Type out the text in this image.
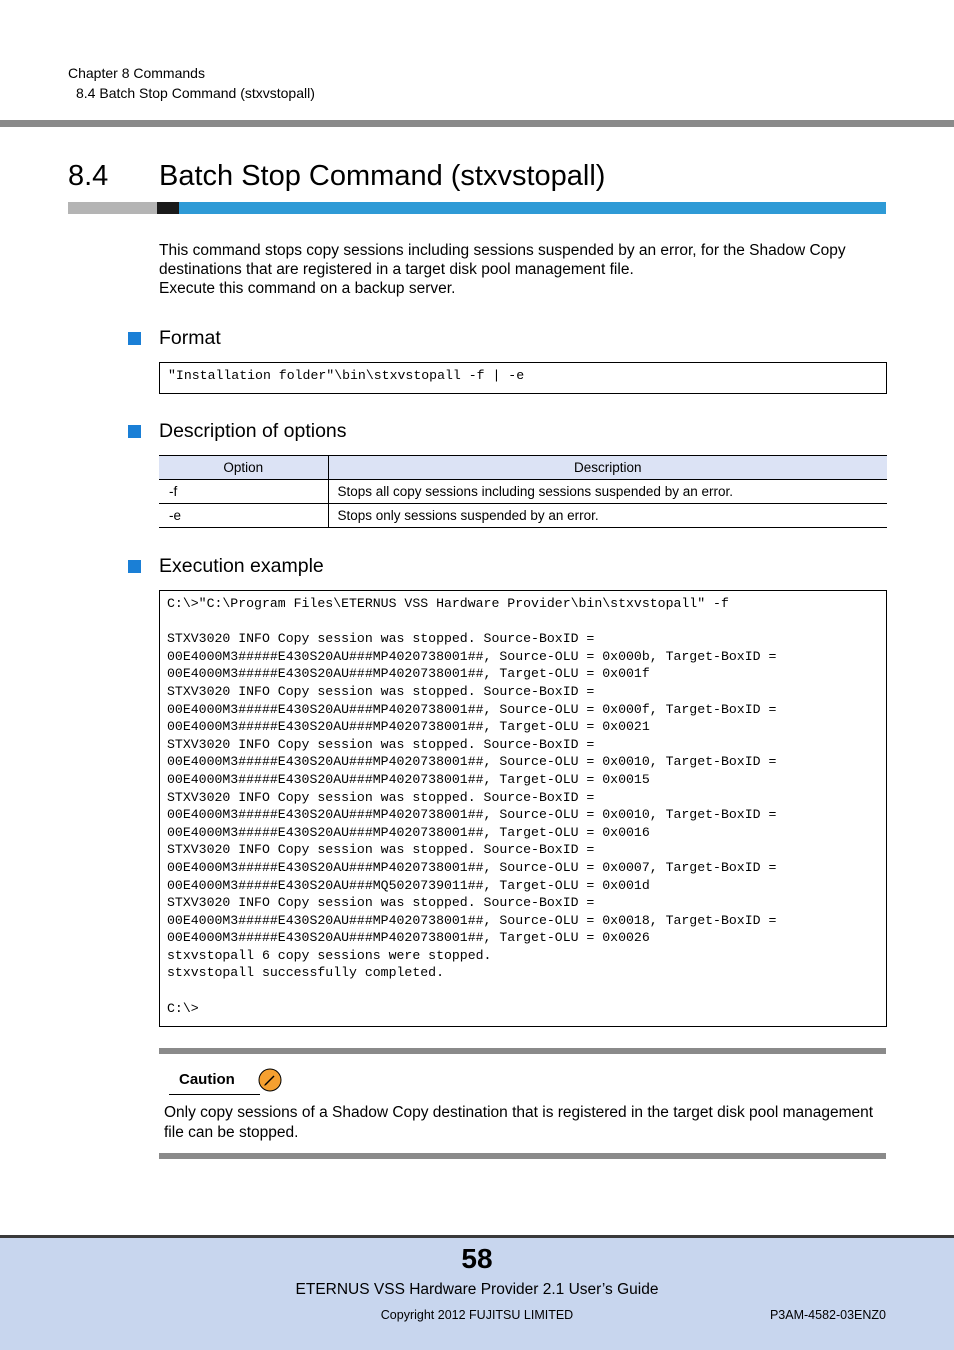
Chapter 8 Commands
8.4 Batch Stop Command (stxvstopall)
8.4 Batch Stop Command (stxvstopall)
This command stops copy sessions including sessions suspended by an error, for the Shadow Copy destinations that are registered in a target disk pool management file.
Execute this command on a backup server.
Format
"Installation folder"\bin\stxvstopall -f | -e
Description of options
Option	Description
-f	Stops all copy sessions including sessions suspended by an error.
-e	Stops only sessions suspended by an error.
Execution example
C:\>"C:\Program Files\ETERNUS VSS Hardware Provider\bin\stxvstopall" -f

STXV3020 INFO Copy session was stopped. Source-BoxID =
00E4000M3#####E430S20AU###MP4020738001##, Source-OLU = 0x000b, Target-BoxID =
00E4000M3#####E430S20AU###MP4020738001##, Target-OLU = 0x001f
STXV3020 INFO Copy session was stopped. Source-BoxID =
00E4000M3#####E430S20AU###MP4020738001##, Source-OLU = 0x000f, Target-BoxID =
00E4000M3#####E430S20AU###MP4020738001##, Target-OLU = 0x0021
STXV3020 INFO Copy session was stopped. Source-BoxID =
00E4000M3#####E430S20AU###MP4020738001##, Source-OLU = 0x0010, Target-BoxID =
00E4000M3#####E430S20AU###MP4020738001##, Target-OLU = 0x0015
STXV3020 INFO Copy session was stopped. Source-BoxID =
00E4000M3#####E430S20AU###MP4020738001##, Source-OLU = 0x0010, Target-BoxID =
00E4000M3#####E430S20AU###MP4020738001##, Target-OLU = 0x0016
STXV3020 INFO Copy session was stopped. Source-BoxID =
00E4000M3#####E430S20AU###MP4020738001##, Source-OLU = 0x0007, Target-BoxID =
00E4000M3#####E430S20AU###MQ5020739011##, Target-OLU = 0x001d
STXV3020 INFO Copy session was stopped. Source-BoxID =
00E4000M3#####E430S20AU###MP4020738001##, Source-OLU = 0x0018, Target-BoxID =
00E4000M3#####E430S20AU###MP4020738001##, Target-OLU = 0x0026
stxvstopall 6 copy sessions were stopped.
stxvstopall successfully completed.

C:\>
Caution
Only copy sessions of a Shadow Copy destination that is registered in the target disk pool management file can be stopped.
58
ETERNUS VSS Hardware Provider 2.1 User’s Guide
Copyright 2012 FUJITSU LIMITED	P3AM-4582-03ENZ0
